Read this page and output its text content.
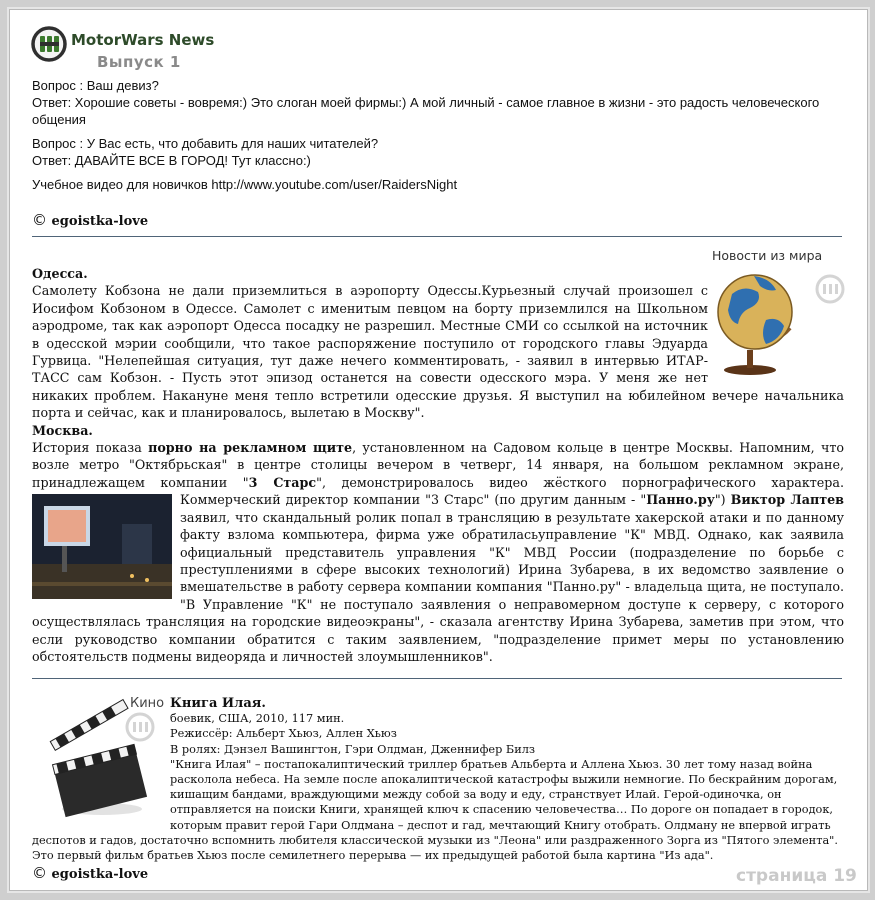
MotorWars News
Выпуск 1

Вопрос : Ваш девиз?

Ответ: Хорошие советы - вовремя:) Это слоган моей фирмы:) А мой личный - самое главное в жизни - это радость человеческого общения

Вопрос : У Вас есть, что добавить для наших читателей?

Ответ: ДАВАЙТЕ ВСЕ В ГОРОД! Тут классно:)

Учебное видео для новичков http://www.youtube.com/user/RaidersNight

© egoistka-love
Новости из мира

Одесса.

Самолету Кобзона не дали приземлиться в аэропорту Одессы.Курьезный случай произошел с Иосифом Кобзоном в Одессе. Самолет с именитым певцом на борту приземлился на Школьном аэродроме, так как аэропорт Одесса посадку не разрешил. Местные СМИ со ссылкой на источник в одесской мэрии сообщили, что такое распоряжение поступило от городского главы Эдуарда Гурвица. "Нелепейшая ситуация, тут даже нечего комментировать, - заявил в интервью ИТАР-ТАСС сам Кобзон. - Пусть этот эпизод останется на совести одесского мэра. У меня же нет никаких проблем. Накануне меня тепло встретили одесские друзья. Я выступил на юбилейном вечере начальника порта и сейчас, как и планировалось, вылетаю в Москву".

Москва.

История показа порно на рекламном щите, установленном на Садовом кольце в центре Москвы. Напомним, что возле метро "Октябрьская" в центре столицы вечером в четверг, 14 января, на большом рекламном экране, принадлежащем компании "3 Старс", демонстрировалось видео жёсткого порнографического характера. Коммерческий директор компании "3 Старс" (по другим данным - "Панно.ру") Виктор Лаптев
заявил, что скандальный ролик попал в трансляцию в результате хакерской атаки и по данному факту взлома компьютера, фирма уже обратиласьуправление "К" МВД. Однако, как заявила официальный представитель управления "К" МВД России (подразделение по борьбе с преступлениями в сфере высоких технологий) Ирина Зубарева, в их ведомство заявление о вмешательстве в работу сервера компании компания "Панно.ру" - владельца щита, не поступало. "В Управление "К" не поступало заявления о неправомерном доступе к серверу, с которого осуществлялась трансляция на городские видеоэкраны", - сказала агентству Ирина Зубарева, заметив при этом, что если руководство компании обратится с таким заявлением, "подразделение примет меры по установлению обстоятельств подмены видеоряда и личностей злоумышленников".

Кино Книга Илая.

боевик, США, 2010, 117 мин.

Режиссёр: Альберт Хьюз, Аллен Хьюз

В ролях: Дэнзел Вашингтон, Гэри Олдман, Дженнифер Билз

"Книга Илая" – постапокалиптический триллер братьев Альберта и Аллена Хьюз. 30 лет тому назад война расколола небеса. На земле после апокалиптической катастрофы выжили немногие. По бескрайним дорогам, кишащим бандами, враждующими между собой за воду и еду, странствует Илай. Герой-одиночка, он отправляется на поиски Книги, хранящей ключ к спасению человечества… По дороге он попадает в городок, которым правит герой Гари Олдмана – деспот и гад, мечтающий Книгу отобрать. Олдману не впервой играть деспотов и гадов, достаточно вспомнить любителя классической музыки из "Леона" или раздраженного Зорга из "Пятого элемента". Это первый фильм братьев Хьюз после семилетнего перерыва — их предыдущей работой была картина "Из ада".

© egoistka-love	страница 19
